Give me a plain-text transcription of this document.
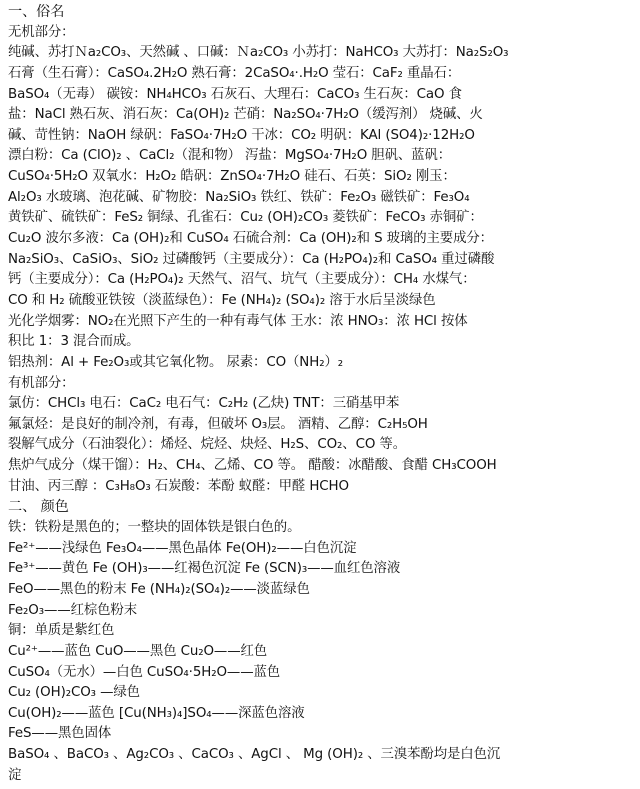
一、俗名
无机部分：
纯碱、苏打Ｎa₂CO₃、天然碱 、口碱：Ｎa₂CO₃ 小苏打：NaHCO₃ 大苏打：Na₂S₂O₃
石膏（生石膏）：CaSO₄.2H₂O 熟石膏：2CaSO₄·.H₂O 莹石：CaF₂ 重晶石：
BaSO₄（无毒） 碳铵：NH₄HCO₃ 石灰石、大理石：CaCO₃ 生石灰：CaO 食
盐：NaCl 熟石灰、消石灰：Ca(OH)₂ 芒硝：Na₂SO₄·7H₂O（缓泻剂） 烧碱、火
碱、苛性钠：NaOH 绿矾：FaSO₄·7H₂O 干冰：CO₂ 明矾：KAl (SO4)₂·12H₂O
漂白粉：Ca (ClO)₂ 、CaCl₂（混和物） 泻盐：MgSO₄·7H₂O 胆矾、蓝矾：
CuSO₄·5H₂O 双氧水：H₂O₂ 皓矾：ZnSO₄·7H₂O 硅石、石英：SiO₂ 刚玉：
Al₂O₃ 水玻璃、泡花碱、矿物胶：Na₂SiO₃ 铁红、铁矿：Fe₂O₃ 磁铁矿：Fe₃O₄
黄铁矿、硫铁矿：FeS₂ 铜绿、孔雀石：Cu₂ (OH)₂CO₃ 菱铁矿：FeCO₃ 赤铜矿：
Cu₂O 波尔多液：Ca (OH)₂和 CuSO₄ 石硫合剂：Ca (OH)₂和 S 玻璃的主要成分：
Na₂SiO₃、CaSiO₃、SiO₂ 过磷酸钙（主要成分）：Ca (H₂PO₄)₂和 CaSO₄ 重过磷酸
钙（主要成分）：Ca (H₂PO₄)₂ 天然气、沼气、坑气（主要成分）：CH₄ 水煤气：
CO 和 H₂ 硫酸亚铁铵（淡蓝绿色）：Fe (NH₄)₂ (SO₄)₂ 溶于水后呈淡绿色
光化学烟雾：NO₂在光照下产生的一种有毒气体 王水：浓 HNO₃：浓 HCl 按体
积比 1：3 混合而成。
铝热剂：Al + Fe₂O₃或其它氧化物。 尿素：CO（NH₂）₂
有机部分：
氯仿：CHCl₃ 电石：CaC₂ 电石气：C₂H₂ (乙炔) TNT：三硝基甲苯
氟氯烃：是良好的制冷剂，有毒，但破坏 O₃层。 酒精、乙醇：C₂H₅OH
裂解气成分（石油裂化）：烯烃、烷烃、炔烃、H₂S、CO₂、CO 等。
焦炉气成分（煤干馏）：H₂、CH₄、乙烯、CO 等。 醋酸：冰醋酸、食醋 CH₃COOH
甘油、丙三醇 ：C₃H₈O₃ 石炭酸：苯酚 蚁醛：甲醛 HCHO
二、 颜色
铁：铁粉是黑色的；一整块的固体铁是银白色的。
Fe²⁺——浅绿色 Fe₃O₄——黑色晶体 Fe(OH)₂——白色沉淀
Fe³⁺——黄色 Fe (OH)₃——红褐色沉淀 Fe (SCN)₃——血红色溶液
FeO——黑色的粉末 Fe (NH₄)₂(SO₄)₂——淡蓝绿色
Fe₂O₃——红棕色粉末
铜：单质是紫红色
Cu²⁺——蓝色 CuO——黑色 Cu₂O——红色
CuSO₄（无水）—白色 CuSO₄·5H₂O——蓝色
Cu₂ (OH)₂CO₃ —绿色
Cu(OH)₂——蓝色 [Cu(NH₃)₄]SO₄——深蓝色溶液
FeS——黑色固体
BaSO₄ 、BaCO₃ 、Ag₂CO₃ 、CaCO₃ 、AgCl 、 Mg (OH)₂ 、三溴苯酚均是白色沉
淀
